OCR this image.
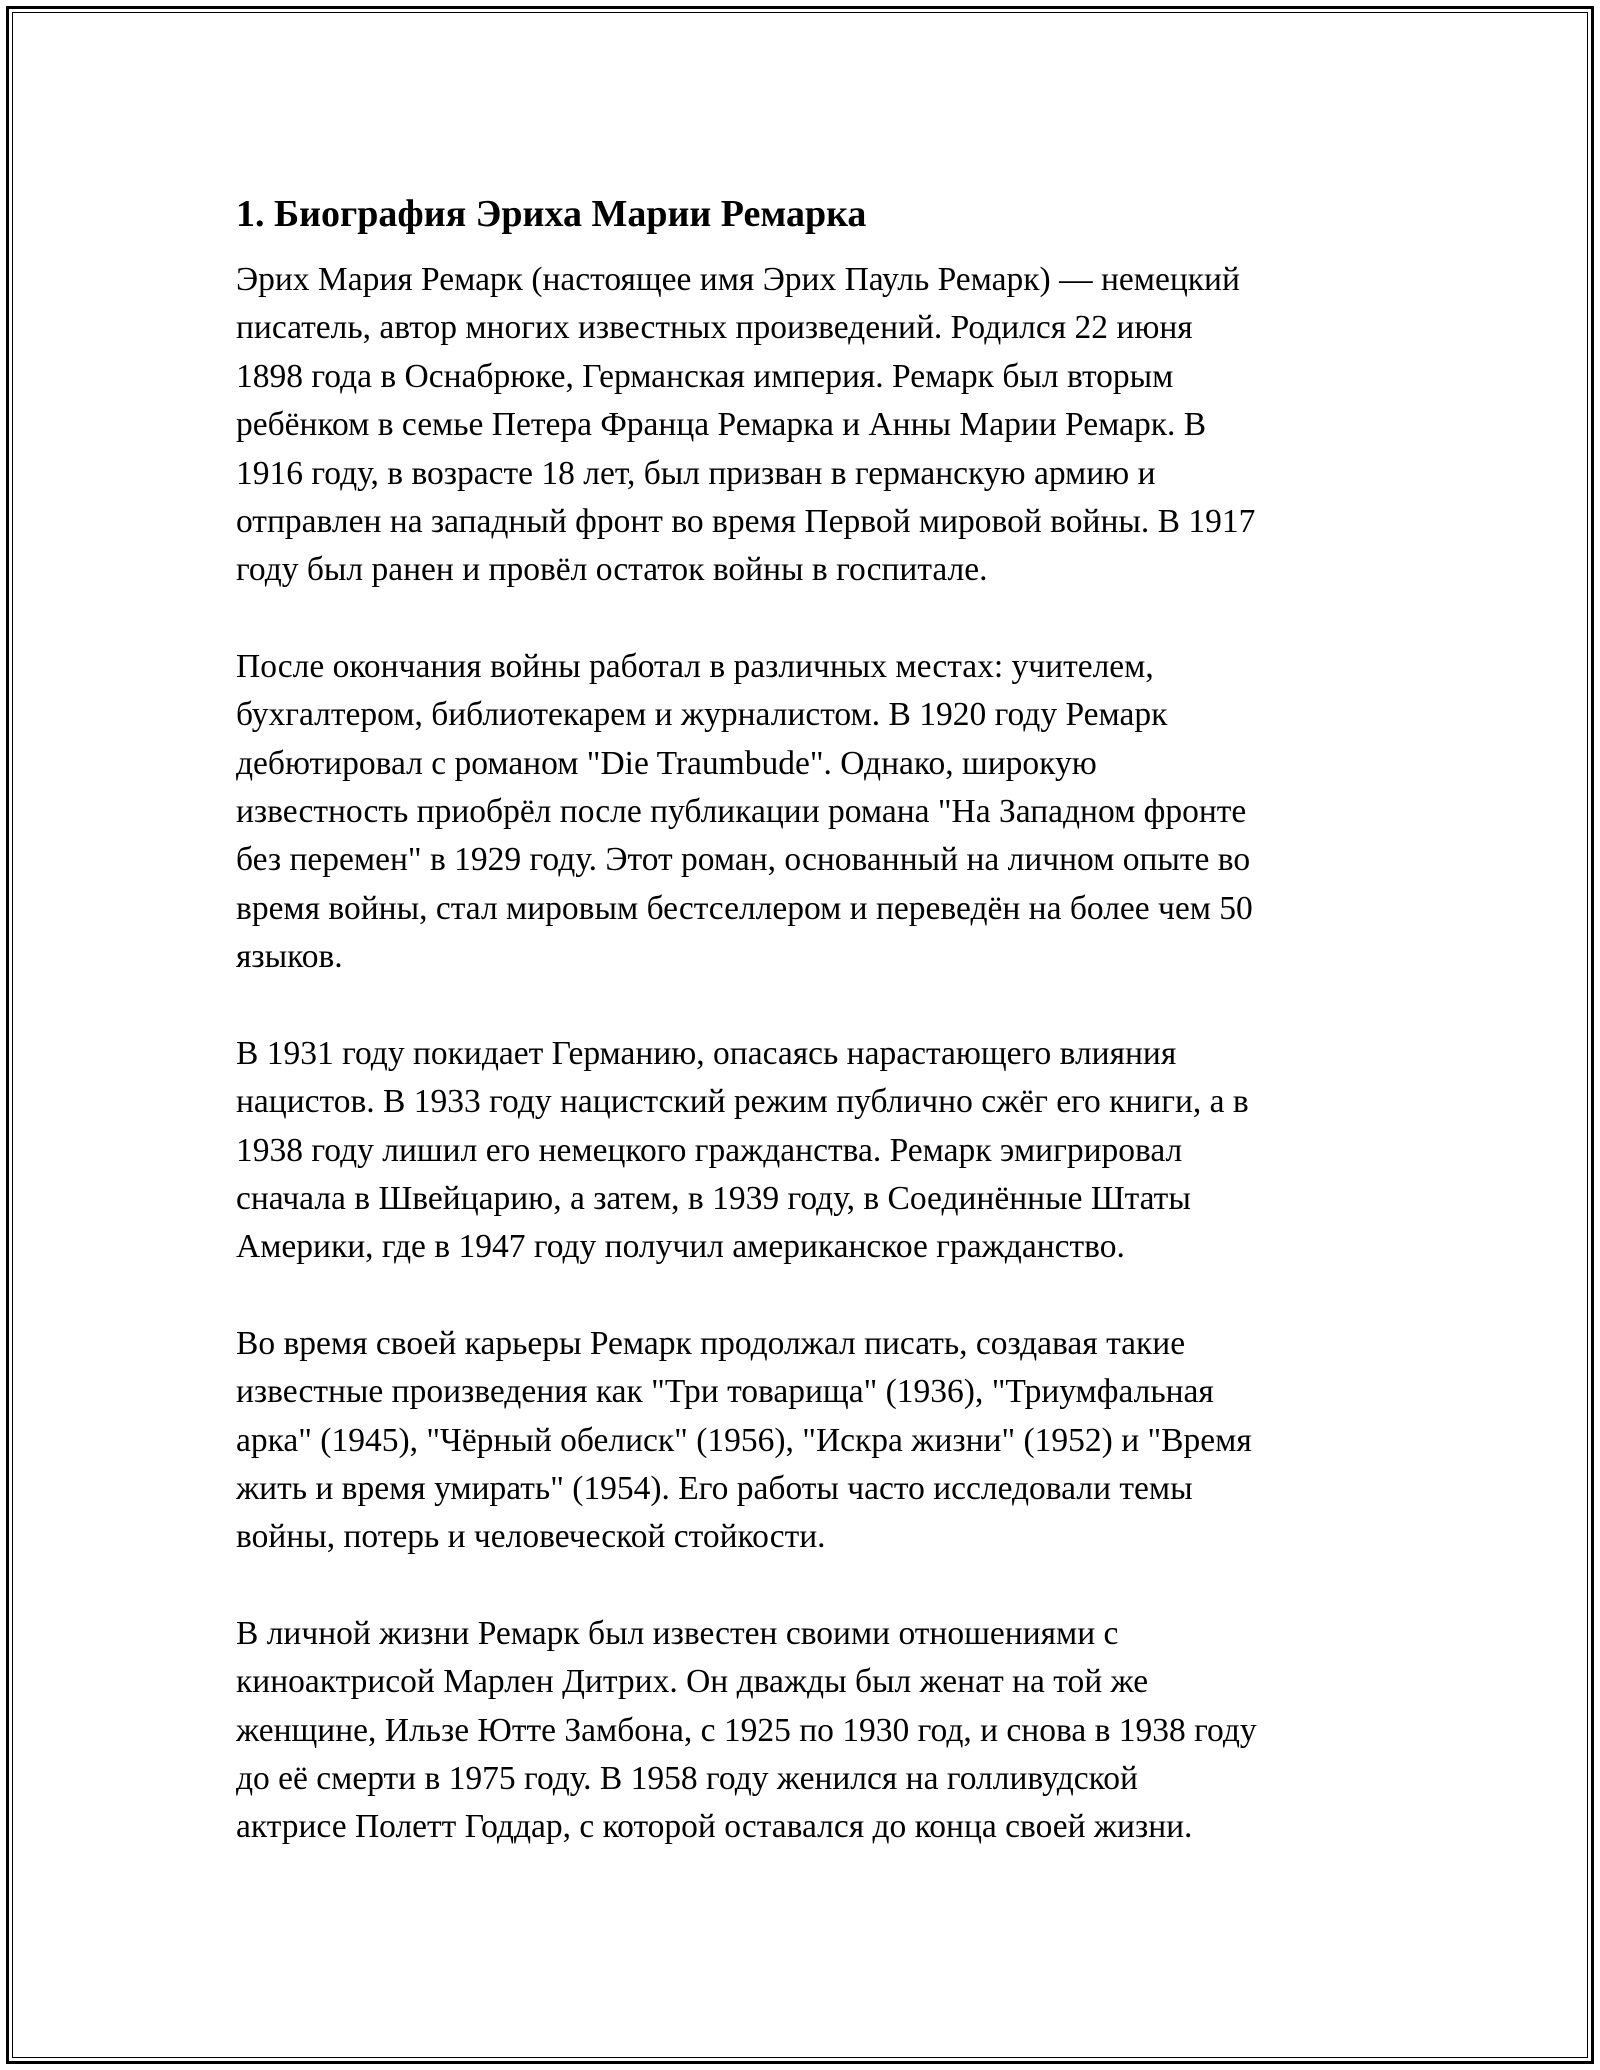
1. Биография Эриха Марии Ремарка
Эрих Мария Ремарк (настоящее имя Эрих Пауль Ремарк) — немецкий
писатель, автор многих известных произведений. Родился 22 июня
1898 года в Оснабрюке, Германская империя. Ремарк был вторым
ребёнком в семье Петера Франца Ремарка и Анны Марии Ремарк. В
1916 году, в возрасте 18 лет, был призван в германскую армию и
отправлен на западный фронт во время Первой мировой войны. В 1917
году был ранен и провёл остаток войны в госпитале.
После окончания войны работал в различных местах: учителем,
бухгалтером, библиотекарем и журналистом. В 1920 году Ремарк
дебютировал с романом "Die Traumbude". Однако, широкую
известность приобрёл после публикации романа "На Западном фронте
без перемен" в 1929 году. Этот роман, основанный на личном опыте во
время войны, стал мировым бестселлером и переведён на более чем 50
языков.
В 1931 году покидает Германию, опасаясь нарастающего влияния
нацистов. В 1933 году нацистский режим публично сжёг его книги, а в
1938 году лишил его немецкого гражданства. Ремарк эмигрировал
сначала в Швейцарию, а затем, в 1939 году, в Соединённые Штаты
Америки, где в 1947 году получил американское гражданство.
Во время своей карьеры Ремарк продолжал писать, создавая такие
известные произведения как "Три товарища" (1936), "Триумфальная
арка" (1945), "Чёрный обелиск" (1956), "Искра жизни" (1952) и "Время
жить и время умирать" (1954). Его работы часто исследовали темы
войны, потерь и человеческой стойкости.
В личной жизни Ремарк был известен своими отношениями с
киноактрисой Марлен Дитрих. Он дважды был женат на той же
женщине, Ильзе Ютте Замбона, с 1925 по 1930 год, и снова в 1938 году
до её смерти в 1975 году. В 1958 году женился на голливудской
актрисе Полетт Годдар, с которой оставался до конца своей жизни.
